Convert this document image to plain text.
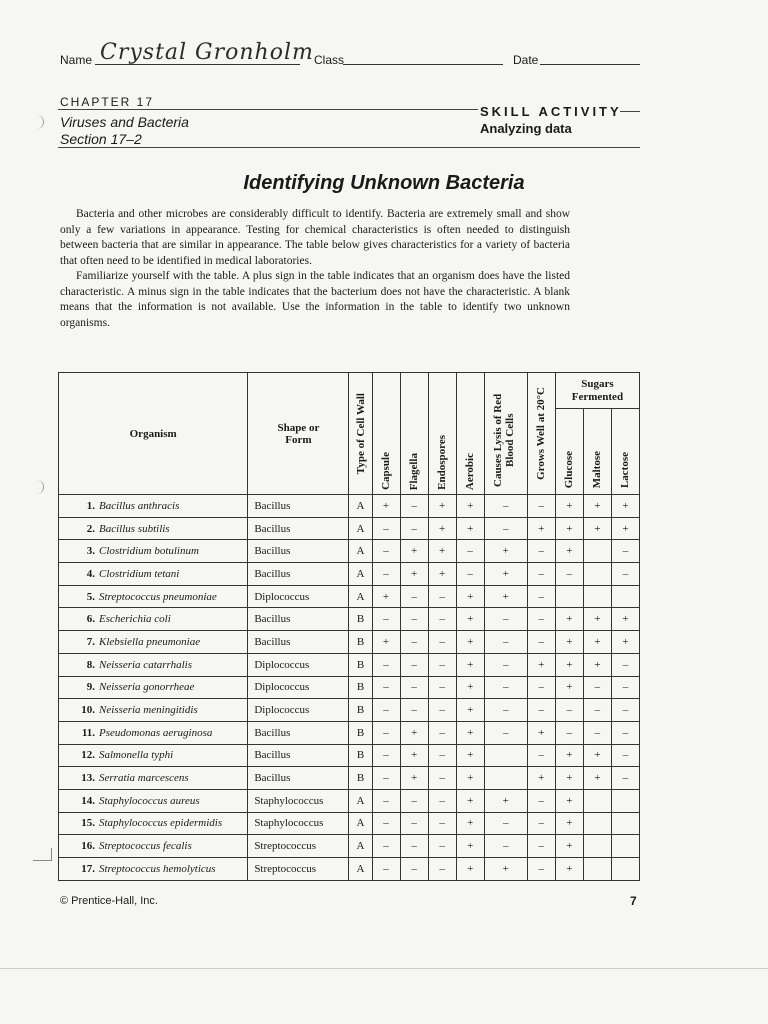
Name Crystal Gronholm Class	Date
CHAPTER 17
Viruses and Bacteria
Section 17–2
SKILL ACTIVITY
Analyzing data
Identifying Unknown Bacteria

Bacteria and other microbes are considerably difficult to identify. Bacteria are extremely small and show only a few variations in appearance. Testing for chemical characteristics is often needed to distinguish between bacteria that are similar in appearance. The table below gives characteristics for a variety of bacteria that often need to be identified in medical laboratories.

Familiarize yourself with the table. A plus sign in the table indicates that an organism does have the listed characteristic. A minus sign in the table indicates that the bacterium does not have the characteristic. A blank means that the information is not available. Use the information in the table to identify two unknown organisms.

Organism	Shape or Form	Type of Cell Wall	Capsule	Flagella	Endospores	Aerobic	Causes Lysis of Red Blood Cells	Grows Well at 20°C	Sugars Fermented		

									Glucose	Maltose	Lactose

1. Bacillus anthracis	Bacillus	A	+	–	+	+	–	–	+	+	+
2. Bacillus subtilis	Bacillus	A	–	–	+	+	–	+	+	+	+
3. Clostridium botulinum	Bacillus	A	–	+	+	–	+	–	+		–
4. Clostridium tetani	Bacillus	A	–	+	+	–	+	–	–		–
5. Streptococcus pneumoniae	Diplococcus	A	+	–	–	+	+	–			
6. Escherichia coli	Bacillus	B	–	–	–	+	–	–	+	+	+
7. Klebsiella pneumoniae	Bacillus	B	+	–	–	+	–	–	+	+	+
8. Neisseria catarrhalis	Diplococcus	B	–	–	–	+	–	+	+	+	–
9. Neisseria gonorrheae	Diplococcus	B	–	–	–	+	–	–	+	–	–
10. Neisseria meningitidis	Diplococcus	B	–	–	–	+	–	–	–	–	–
11. Pseudomonas aeruginosa	Bacillus	B	–	+	–	+	–	+	–	–	–
12. Salmonella typhi	Bacillus	B	–	+	–	+		–	+	+	–
13. Serratia marcescens	Bacillus	B	–	+	–	+		+	+	+	–
14. Staphylococcus aureus	Staphylococcus	A	–	–	–	+	+	–	+		
15. Staphylococcus epidermidis	Staphylococcus	A	–	–	–	+	–	–	+		
16. Streptococcus fecalis	Streptococcus	A	–	–	–	+	–	–	+		
17. Streptococcus hemolyticus	Streptococcus	A	–	–	–	+	+	–	+		
© Prentice-Hall, Inc.	7
